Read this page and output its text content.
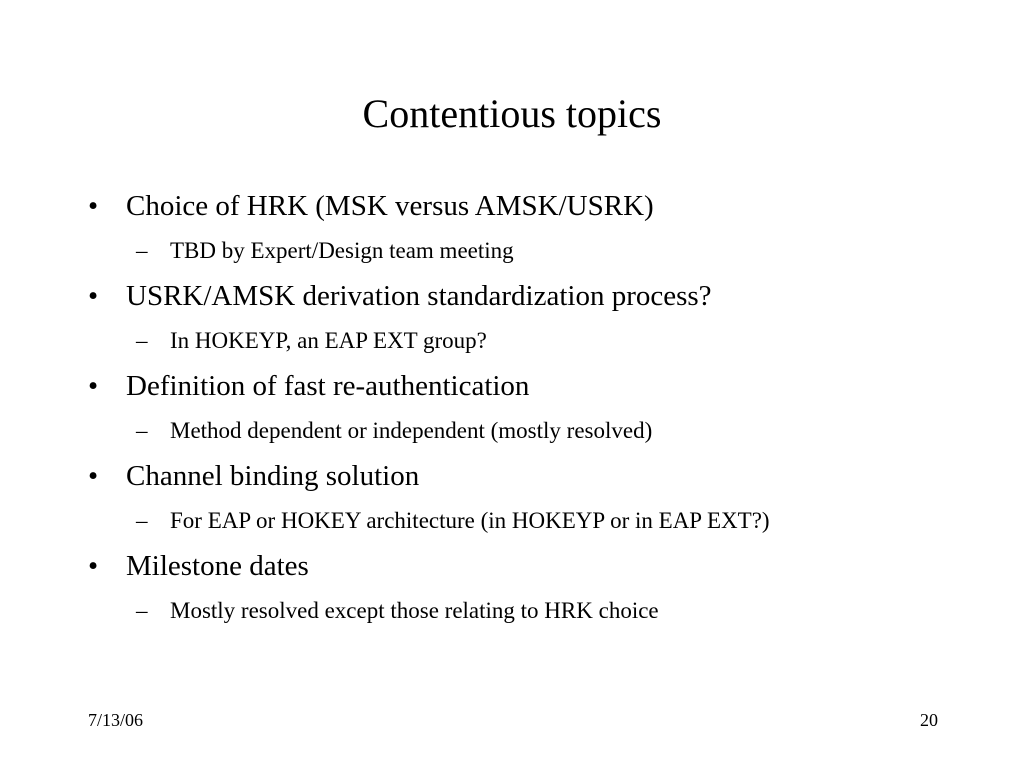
Contentious topics
• Choice of HRK (MSK versus AMSK/USRK)
– TBD by Expert/Design team meeting
• USRK/AMSK derivation standardization process?
– In HOKEYP, an EAP EXT group?
• Definition of fast re-authentication
– Method dependent or independent (mostly resolved)
• Channel binding solution
– For EAP or HOKEY architecture (in HOKEYP or in EAP EXT?)
• Milestone dates
– Mostly resolved except those relating to HRK choice
7/13/06	20
